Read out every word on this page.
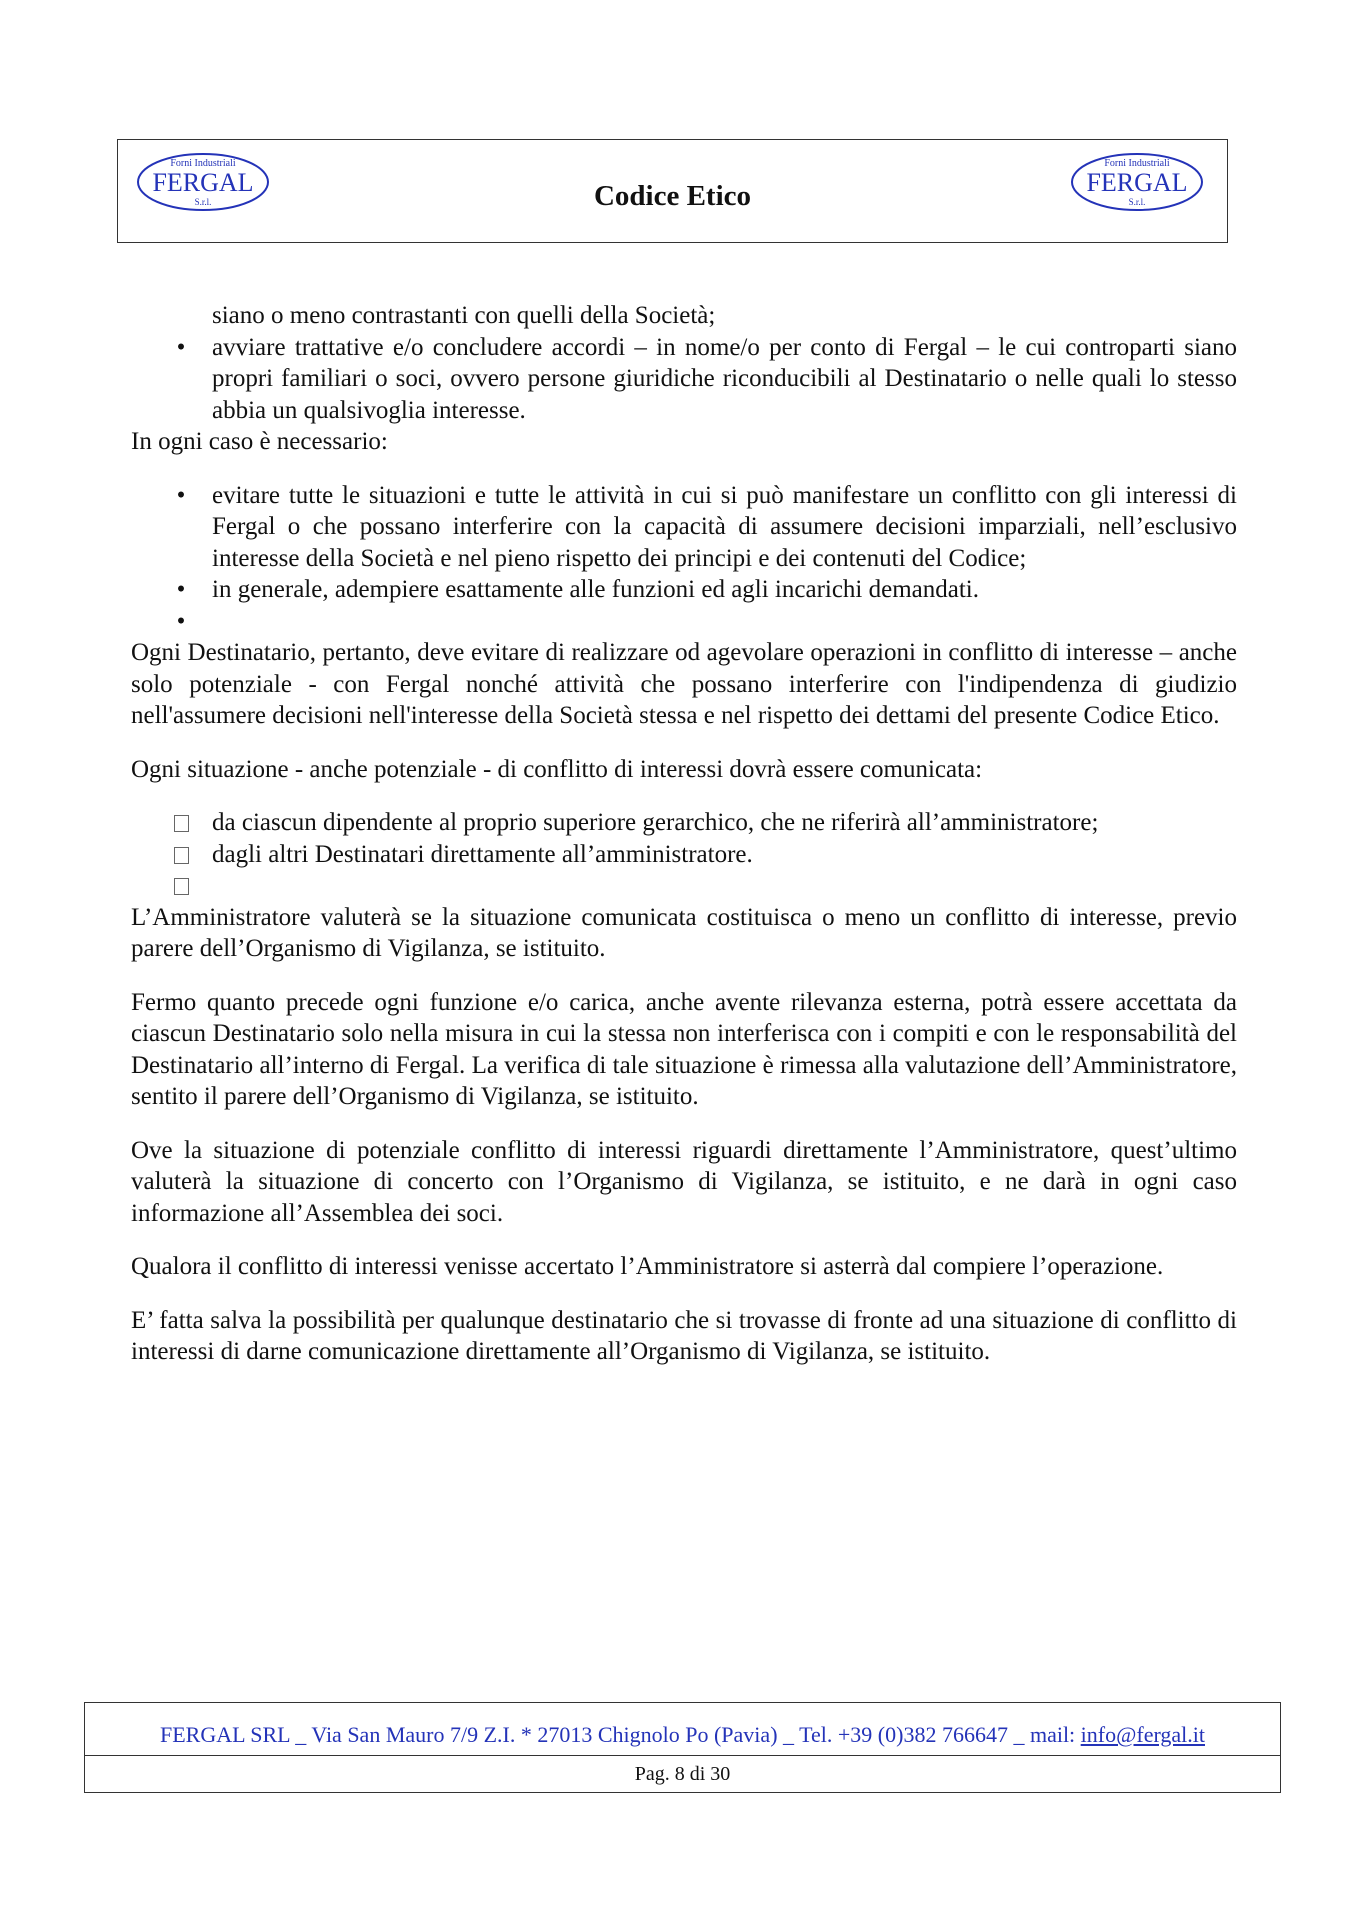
Forni Industriali
FERGAL
S.r.l.	Codice Etico
Forni Industriali
FERGAL
S.r.l.

siano o meno contrastanti con quelli della Società;

• avviare trattative e/o concludere accordi – in nome/o per conto di Fergal – le cui controparti siano propri familiari o soci, ovvero persone giuridiche riconducibili al Destinatario o nelle quali lo stesso abbia un qualsivoglia interesse.

In ogni caso è necessario:

• evitare tutte le situazioni e tutte le attività in cui si può manifestare un conflitto con gli interessi di Fergal o che possano interferire con la capacità di assumere decisioni imparziali, nell’esclusivo interesse della Società e nel pieno rispetto dei principi e dei contenuti del Codice;
• in generale, adempiere esattamente alle funzioni ed agli incarichi demandati.
•

Ogni Destinatario, pertanto, deve evitare di realizzare od agevolare operazioni in conflitto di interesse – anche solo potenziale - con Fergal nonché attività che possano interferire con l'indipendenza di giudizio nell'assumere decisioni nell'interesse della Società stessa e nel rispetto dei dettami del presente Codice Etico.

Ogni situazione - anche potenziale - di conflitto di interessi dovrà essere comunicata:

da ciascun dipendente al proprio superiore gerarchico, che ne riferirà all’amministratore;
dagli altri Destinatari direttamente all’amministratore.

L’Amministratore valuterà se la situazione comunicata costituisca o meno un conflitto di interesse, previo parere dell’Organismo di Vigilanza, se istituito.

Fermo quanto precede ogni funzione e/o carica, anche avente rilevanza esterna, potrà essere accettata da ciascun Destinatario solo nella misura in cui la stessa non interferisca con i compiti e con le responsabilità del Destinatario all’interno di Fergal. La verifica di tale situazione è rimessa alla valutazione dell’Amministratore, sentito il parere dell’Organismo di Vigilanza, se istituito.

Ove la situazione di potenziale conflitto di interessi riguardi direttamente l’Amministratore, quest’ultimo valuterà la situazione di concerto con l’Organismo di Vigilanza, se istituito, e ne darà in ogni caso informazione all’Assemblea dei soci.

Qualora il conflitto di interessi venisse accertato l’Amministratore si asterrà dal compiere l’operazione.

E’ fatta salva la possibilità per qualunque destinatario che si trovasse di fronte ad una situazione di conflitto di interessi di darne comunicazione direttamente all’Organismo di Vigilanza, se istituito.

FERGAL SRL _ Via San Mauro 7/9 Z.I. * 27013 Chignolo Po (Pavia) _ Tel. +39 (0)382 766647 _ mail: info@fergal.it
Pag. 8 di 30
